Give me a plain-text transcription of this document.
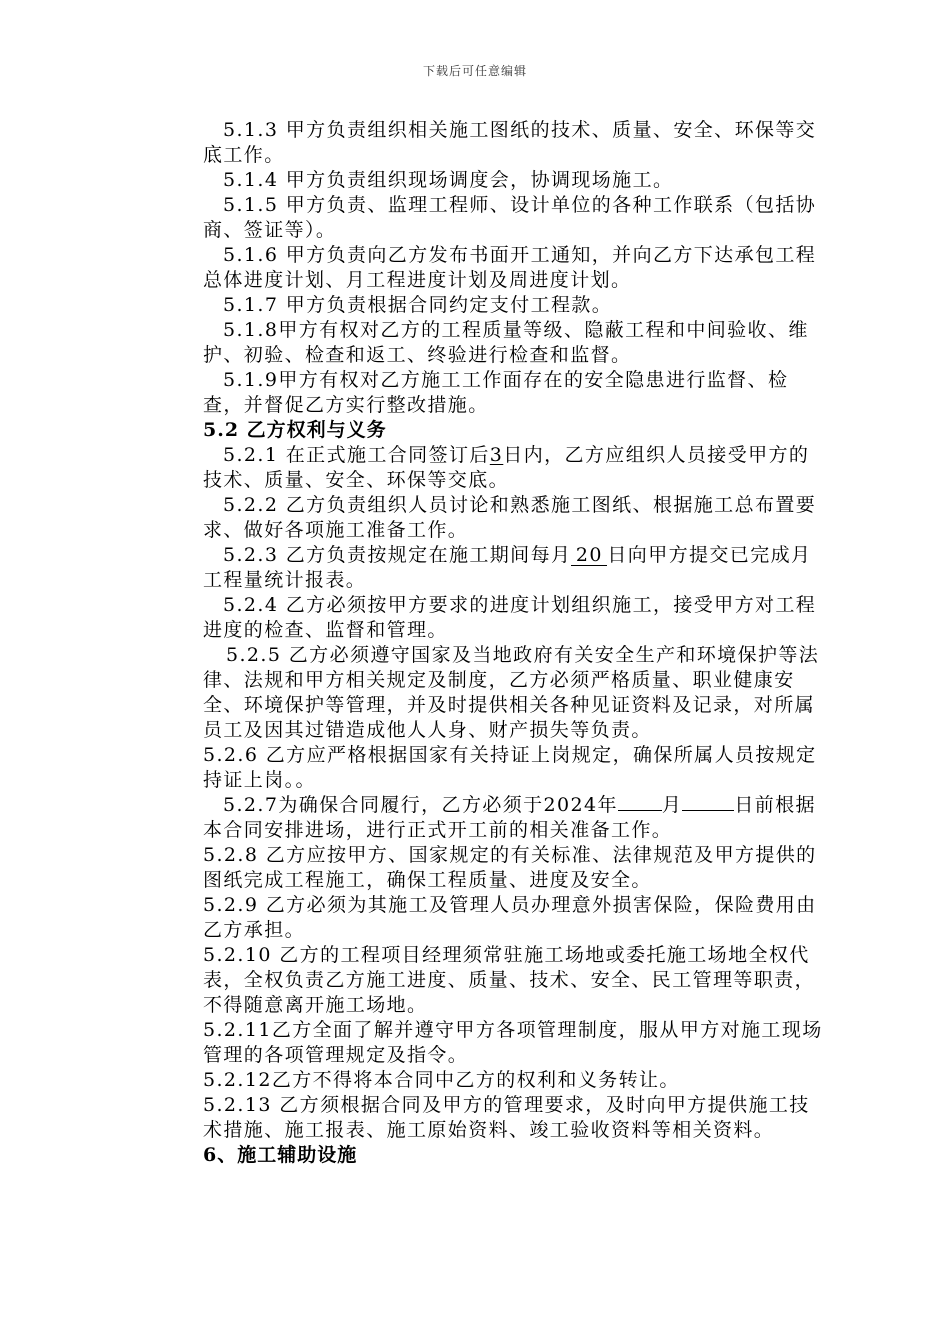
下载后可任意编辑

5.1.3 甲方负责组织相关施工图纸的技术、质量、安全、环保等交底工作。

5.1.4 甲方负责组织现场调度会，协调现场施工。

5.1.5 甲方负责、监理工程师、设计单位的各种工作联系（包括协商、签证等）。

5.1.6 甲方负责向乙方发布书面开工通知，并向乙方下达承包工程总体进度计划、月工程进度计划及周进度计划。

5.1.7 甲方负责根据合同约定支付工程款。

5.1.8甲方有权对乙方的工程质量等级、隐蔽工程和中间验收、维护、初验、检查和返工、终验进行检查和监督。

5.1.9甲方有权对乙方施工工作面存在的安全隐患进行监督、检查，并督促乙方实行整改措施。

5.2 乙方权利与义务

5.2.1 在正式施工合同签订后3日内，乙方应组织人员接受甲方的技术、质量、安全、环保等交底。

5.2.2 乙方负责组织人员讨论和熟悉施工图纸、根据施工总布置要求、做好各项施工准备工作。

5.2.3 乙方负责按规定在施工期间每月 20 日向甲方提交已完成月工程量统计报表。

5.2.4 乙方必须按甲方要求的进度计划组织施工，接受甲方对工程进度的检查、监督和管理。

5.2.5 乙方必须遵守国家及当地政府有关安全生产和环境保护等法律、法规和甲方相关规定及制度，乙方必须严格质量、职业健康安全、环境保护等管理，并及时提供相关各种见证资料及记录，对所属员工及因其过错造成他人人身、财产损失等负责。

5.2.6 乙方应严格根据国家有关持证上岗规定，确保所属人员按规定持证上岗。。

5.2.7为确保合同履行，乙方必须于2024年 月	日前根据本合同安排进场，进行正式开工前的相关准备工作。

5.2.8 乙方应按甲方、国家规定的有关标准、法律规范及甲方提供的图纸完成工程施工，确保工程质量、进度及安全。

5.2.9 乙方必须为其施工及管理人员办理意外损害保险，保险费用由乙方承担。

5.2.10 乙方的工程项目经理须常驻施工场地或委托施工场地全权代表，全权负责乙方施工进度、质量、技术、安全、民工管理等职责，不得随意离开施工场地。

5.2.11乙方全面了解并遵守甲方各项管理制度，服从甲方对施工现场管理的各项管理规定及指令。

5.2.12乙方不得将本合同中乙方的权利和义务转让。

5.2.13 乙方须根据合同及甲方的管理要求，及时向甲方提供施工技术措施、施工报表、施工原始资料、竣工验收资料等相关资料。

6、施工辅助设施
